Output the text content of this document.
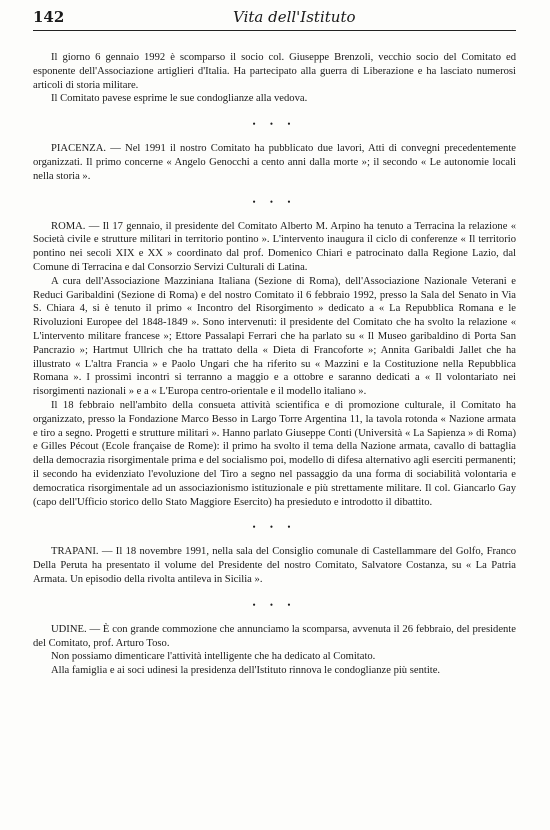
142	Vita dell'Istituto

Il giorno 6 gennaio 1992 è scomparso il socio col. Giuseppe Brenzoli, vecchio socio del Comitato ed esponente dell'Associazione artiglieri d'Italia. Ha partecipato alla guerra di Liberazione e ha lasciato numerosi articoli di storia militare.

Il Comitato pavese esprime le sue condoglianze alla vedova.

• • •

PIACENZA. — Nel 1991 il nostro Comitato ha pubblicato due lavori, Atti di convegni precedentemente organizzati. Il primo concerne « Angelo Genocchi a cento anni dalla morte »; il secondo « Le autonomie locali nella storia ».

• • •

ROMA. — Il 17 gennaio, il presidente del Comitato Alberto M. Arpino ha tenuto a Terracina la relazione « Società civile e strutture militari in territorio pontino ». L'intervento inaugura il ciclo di conferenze « Il territorio pontino nei secoli XIX e XX » coordinato dal prof. Domenico Chiari e patrocinato dalla Regione Lazio, dal Comune di Terracina e dal Consorzio Servizi Culturali di Latina.

A cura dell'Associazione Mazziniana Italiana (Sezione di Roma), dell'Associazione Nazionale Veterani e Reduci Garibaldini (Sezione di Roma) e del nostro Comitato il 6 febbraio 1992, presso la Sala del Senato in Via S. Chiara 4, si è tenuto il primo « Incontro del Risorgimento » dedicato a « La Repubblica Romana e le Rivoluzioni Europee del 1848-1849 ». Sono intervenuti: il presidente del Comitato che ha svolto la relazione « L'intervento militare francese »; Ettore Passalapi Ferrari che ha parlato su « Il Museo garibaldino di Porta San Pancrazio »; Hartmut Ullrich che ha trattato della « Dieta di Francoforte »; Annita Garibaldi Jallet che ha illustrato « L'altra Francia » e Paolo Ungari che ha riferito su « Mazzini e la Costituzione nella Repubblica Romana ». I prossimi incontri si terranno a maggio e a ottobre e saranno dedicati a « Il volontariato nei risorgimenti nazionali » e a « L'Europa centro-orientale e il modello italiano ».

Il 18 febbraio nell'ambito della consueta attività scientifica e di promozione culturale, il Comitato ha organizzato, presso la Fondazione Marco Besso in Largo Torre Argentina 11, la tavola rotonda « Nazione armata e tiro a segno. Progetti e strutture militari ». Hanno parlato Giuseppe Conti (Università « La Sapienza » di Roma) e Gilles Pécout (Ecole française de Rome): il primo ha svolto il tema della Nazione armata, cavallo di battaglia della democrazia risorgimentale prima e del socialismo poi, modello di difesa alternativo agli eserciti permanenti; il secondo ha evidenziato l'evoluzione del Tiro a segno nel passaggio da una forma di sociabilità volontaria e democratica risorgimentale ad un associazionismo istituzionale e più strettamente militare. Il col. Giancarlo Gay (capo dell'Ufficio storico dello Stato Maggiore Esercito) ha presieduto e introdotto il dibattito.

• • •

TRAPANI. — Il 18 novembre 1991, nella sala del Consiglio comunale di Castellammare del Golfo, Franco Della Peruta ha presentato il volume del Presidente del nostro Comitato, Salvatore Costanza, su « La Patria Armata. Un episodio della rivolta antileva in Sicilia ».

• • •

UDINE. — È con grande commozione che annunciamo la scomparsa, avvenuta il 26 febbraio, del presidente del Comitato, prof. Arturo Toso.

Non possiamo dimenticare l'attività intelligente che ha dedicato al Comitato.

Alla famiglia e ai soci udinesi la presidenza dell'Istituto rinnova le condoglianze più sentite.
